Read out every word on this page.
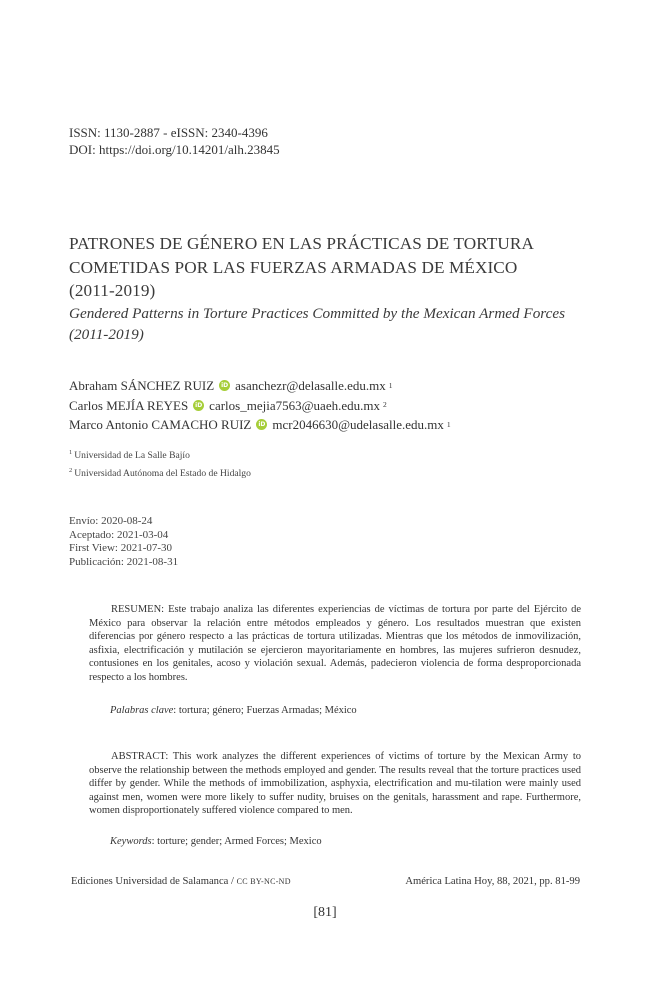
ISSN: 1130-2887 - eISSN: 2340-4396
DOI: https://doi.org/10.14201/alh.23845
PATRONES DE GÉNERO EN LAS PRÁCTICAS DE TORTURA
COMETIDAS POR LAS FUERZAS ARMADAS DE MÉXICO
(2011-2019)
Gendered Patterns in Torture Practices Committed by the Mexican Armed Forces
(2011-2019)
Abraham SÁNCHEZ RUIZ	iD asanchezr@delasalle.edu.mx 1
Carlos MEJÍA REYES	iD carlos_mejia7563@uaeh.edu.mx 2
Marco Antonio CAMACHO RUIZ	iD mcr2046630@udelasalle.edu.mx 1
$^1$ Universidad de La Salle Bajío
$^2$ Universidad Autónoma del Estado de Hidalgo
Envío: 2020-08-24
Aceptado: 2021-03-04
First View: 2021-07-30
Publicación: 2021-08-31

RESUMEN: Este trabajo analiza las diferentes experiencias de víctimas de tortura por parte del Ejército de México para observar la relación entre métodos empleados y género. Los resultados muestran que existen diferencias por género respecto a las prácticas de tortura utilizadas. Mientras que los métodos de inmovilización, asfixia, electrificación y mutilación se ejercieron mayoritariamente en hombres, las mujeres sufrieron desnudez, contusiones en los genitales, acoso y violación sexual. Además, padecieron violencia de forma desproporcionada respecto a los hombres.

Palabras clave: tortura; género; Fuerzas Armadas; México

ABSTRACT: This work analyzes the different experiences of victims of torture by the Mexican Army to observe the relationship between the methods employed and gender. The results reveal that the torture practices used differ by gender. While the methods of immobilization, asphyxia, electrification and mu-tilation were mainly used against men, women were more likely to suffer nudity, bruises on the genitals, harassment and rape. Furthermore, women disproportionately suffered violence compared to men.

Keywords: torture; gender; Armed Forces; Mexico
Ediciones Universidad de Salamanca / CC BY-NC-ND	América Latina Hoy, 88, 2021, pp. 81-99
[81]
